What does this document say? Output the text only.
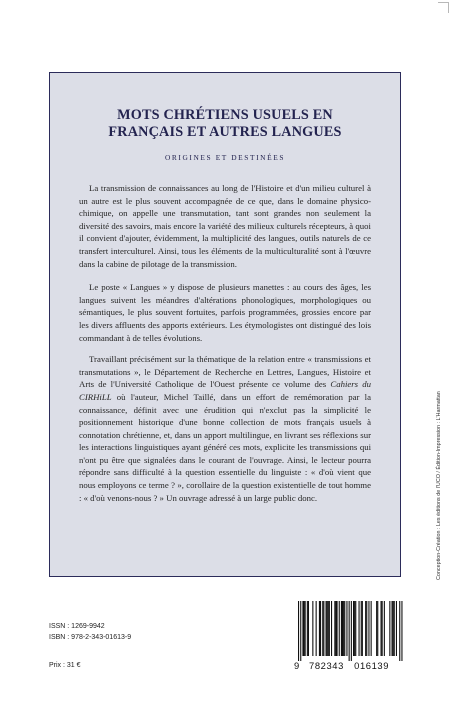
MOTS CHRÉTIENS USUELS EN
FRANÇAIS ET AUTRES LANGUES
ORIGINES ET DESTINÉES

La transmission de connaissances au long de l'Histoire et d'un milieu culturel à un autre est le plus souvent accompagnée de ce que, dans le domaine physico-chimique, on appelle une transmutation, tant sont grandes non seulement la diversité des savoirs, mais encore la variété des milieux culturels récepteurs, à quoi il convient d'ajouter, évidemment, la multiplicité des langues, outils naturels de ce transfert interculturel. Ainsi, tous les éléments de la multiculturalité sont à l'œuvre dans la cabine de pilotage de la transmission.

Le poste « Langues » y dispose de plusieurs manettes : au cours des âges, les langues suivent les méandres d'altérations phonologiques, morphologiques ou sémantiques, le plus souvent fortuites, parfois programmées, grossies encore par les divers affluents des apports extérieurs. Les étymologistes ont distingué des lois commandant à de telles évolutions.

Travaillant précisément sur la thématique de la relation entre « transmissions et transmutations », le Département de Recherche en Lettres, Langues, Histoire et Arts de l'Université Catholique de l'Ouest présente ce volume des Cahiers du CIRHiLL où l'auteur, Michel Taillé, dans un effort de remémoration par la connaissance, définit avec une érudition qui n'exclut pas la simplicité le positionnement historique d'une bonne collection de mots français usuels à connotation chrétienne, et, dans un apport multilingue, en livrant ses réflexions sur les interactions linguistiques ayant généré ces mots, explicite les transmissions qui n'ont pu être que signalées dans le courant de l'ouvrage. Ainsi, le lecteur pourra répondre sans difficulté à la question essentielle du linguiste : « d'où vient que nous employons ce terme ? », corollaire de la question existentielle de tout homme : « d'où venons-nous ? » Un ouvrage adressé à un large public donc.	Conception-Création : Les éditions de l'UCO / Édition-Impression : L'Harmattan
ISSN : 1269-9942
ISBN : 978-2-343-01613-9
Prix : 31 €	9 782343 016139
